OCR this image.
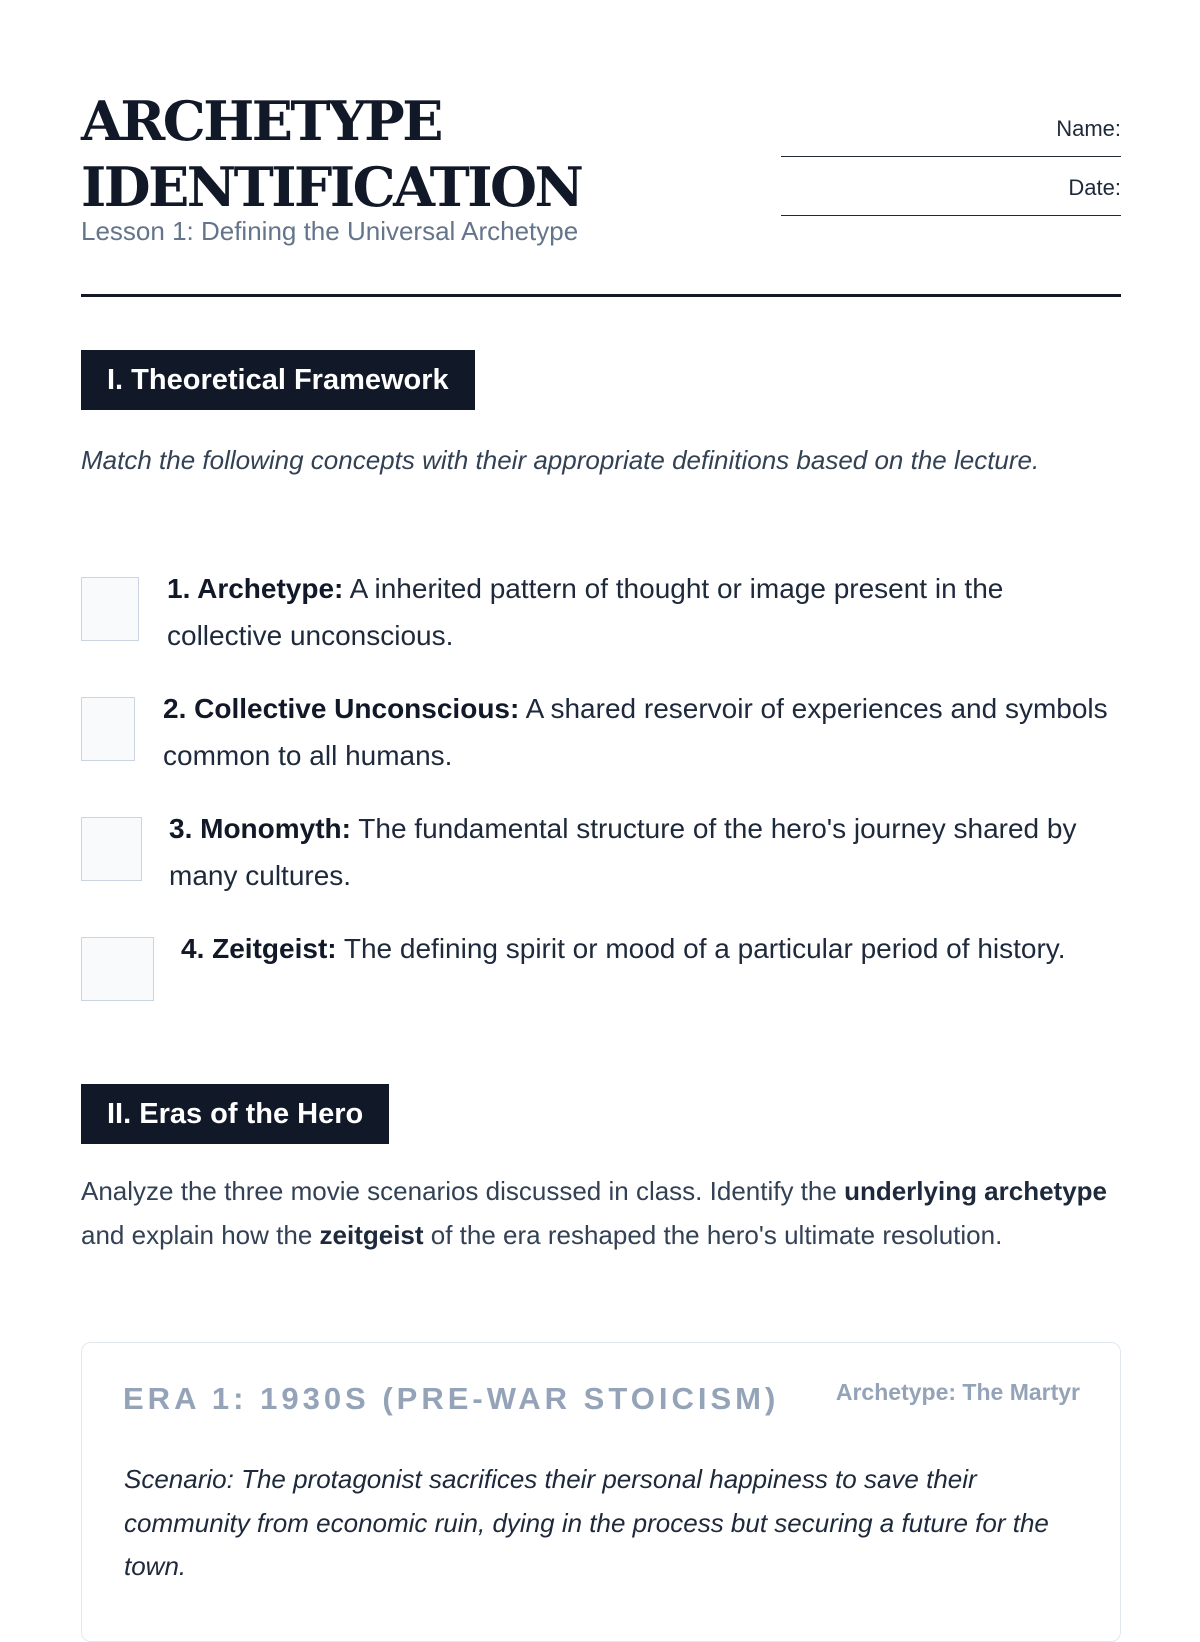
ARCHETYPE
IDENTIFICATION
Lesson 1: Defining the Universal Archetype
Name:
Date:
I. Theoretical Framework
Match the following concepts with their appropriate definitions based on the lecture.
1. Archetype: A inherited pattern of thought or image present in the collective unconscious.
2. Collective Unconscious: A shared reservoir of experiences and symbols common to all humans.
3. Monomyth: The fundamental structure of the hero's journey shared by many cultures.
4. Zeitgeist: The defining spirit or mood of a particular period of history.
II. Eras of the Hero
Analyze the three movie scenarios discussed in class. Identify the underlying archetype and explain how the zeitgeist of the era reshaped the hero's ultimate resolution.
ERA 1: 1930S (PRE-WAR STOICISM) Archetype: The Martyr
Scenario: The protagonist sacrifices their personal happiness to save their community from economic ruin, dying in the process but securing a future for the town.
